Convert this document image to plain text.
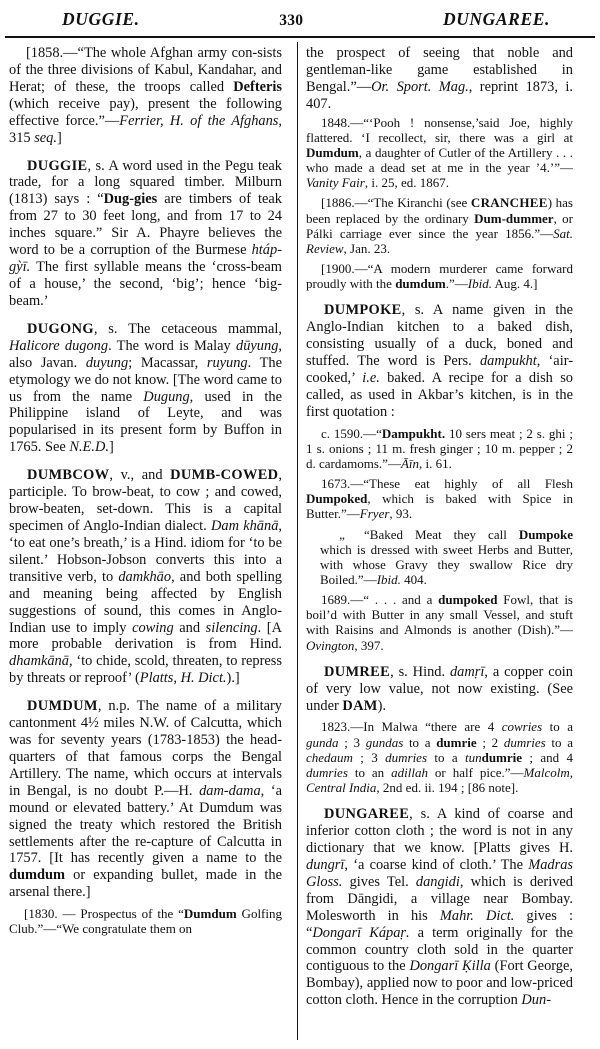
DUGGIE.	330	DUNGAREE.

[1858.—“The whole Afghan army con-sists of the three divisions of Kabul, Kandahar, and Herat; of these, the troops called Defteris (which receive pay), present the following effective force.”—Ferrier, H. of the Afghans, 315 seq.]

DUGGIE, s. A word used in the Pegu teak trade, for a long squared timber. Milburn (1813) says : “Dug-gies are timbers of teak from 27 to 30 feet long, and from 17 to 24 inches square.” Sir A. Phayre believes the word to be a corruption of the Burmese htáp-gỳī. The first syllable means the ‘cross-beam of a house,’ the second, ‘big’; hence ‘big-beam.’

DUGONG, s. The cetaceous mammal, Halicore dugong. The word is Malay dūyung, also Javan. duyung; Macassar, ruyung. The etymology we do not know. [The word came to us from the name Dugung, used in the Philippine island of Leyte, and was popularised in its present form by Buffon in 1765. See N.E.D.]

DUMBCOW, v., and DUMB-COWED, participle. To brow-beat, to cow ; and cowed, brow-beaten, set-down. This is a capital specimen of Anglo-Indian dialect. Dam khānā, ‘to eat one’s breath,’ is a Hind. idiom for ‘to be silent.’ Hobson-Jobson converts this into a transitive verb, to damkhāo, and both spelling and meaning being affected by English suggestions of sound, this comes in Anglo-Indian use to imply cowing and silencing. [A more probable derivation is from Hind. dhamkānā, ‘to chide, scold, threaten, to repress by threats or reproof’ (Platts, H. Dict.).]

DUMDUM, n.p. The name of a military cantonment 4½ miles N.W. of Calcutta, which was for seventy years (1783-1853) the head-quarters of that famous corps the Bengal Artillery. The name, which occurs at intervals in Bengal, is no doubt P.—H. dam-dama, ‘a mound or elevated battery.’ At Dumdum was signed the treaty which restored the British settlements after the re-capture of Calcutta in 1757. [It has recently given a name to the dumdum or expanding bullet, made in the arsenal there.]

[1830. — Prospectus of the “Dumdum Golfing Club.”—“We congratulate them on

the prospect of seeing that noble and gentleman-like game established in Bengal.”—Or. Sport. Mag., reprint 1873, i. 407.

1848.—“‘Pooh ! nonsense,’said Joe, highly flattered. ‘I recollect, sir, there was a girl at Dumdum, a daughter of Cutler of the Artillery . . . who made a dead set at me in the year ’4.’”—Vanity Fair, i. 25, ed. 1867.

[1886.—“The Kiranchi (see CRANCHEE) has been replaced by the ordinary Dum-dummer, or Pálki carriage ever since the year 1856.”—Sat. Review, Jan. 23.

[1900.—“A modern murderer came forward proudly with the dumdum.”—Ibid. Aug. 4.]

DUMPOKE, s. A name given in the Anglo-Indian kitchen to a baked dish, consisting usually of a duck, boned and stuffed. The word is Pers. dampukht, ‘air-cooked,’ i.e. baked. A recipe for a dish so called, as used in Akbar’s kitchen, is in the first quotation :

c. 1590.—“Dampukht. 10 sers meat ; 2 s. ghi ; 1 s. onions ; 11 m. fresh ginger ; 10 m. pepper ; 2 d. cardamoms.”—Āīn, i. 61.

1673.—“These eat highly of all Flesh Dumpoked, which is baked with Spice in Butter.”—Fryer, 93.

„ “Baked Meat they call Dumpoke which is dressed with sweet Herbs and Butter, with whose Gravy they swallow Rice dry Boiled.”—Ibid. 404.

1689.—“ . . . and a dumpoked Fowl, that is boil’d with Butter in any small Vessel, and stuft with Raisins and Almonds is another (Dish).”—Ovington, 397.

DUMREE, s. Hind. damṛī, a copper coin of very low value, not now existing. (See under DAM).

1823.—In Malwa “there are 4 cowries to a gunda ; 3 gundas to a dumrie ; 2 dumries to a chedaum ; 3 dumries to a tundumrie ; and 4 dumries to an adillah or half pice.”—Malcolm, Central India, 2nd ed. ii. 194 ; [86 note].

DUNGAREE, s. A kind of coarse and inferior cotton cloth ; the word is not in any dictionary that we know. [Platts gives H. dungrī, ‘a coarse kind of cloth.’ The Madras Gloss. gives Tel. dangidi, which is derived from Dāngidi, a village near Bombay. Molesworth in his Mahr. Dict. gives : “Dongarī Kápaṛ. a term originally for the common country cloth sold in the quarter contiguous to the Dongarī Ḳilla (Fort George, Bombay), applied now to poor and low-priced cotton cloth. Hence in the corruption Dun-
